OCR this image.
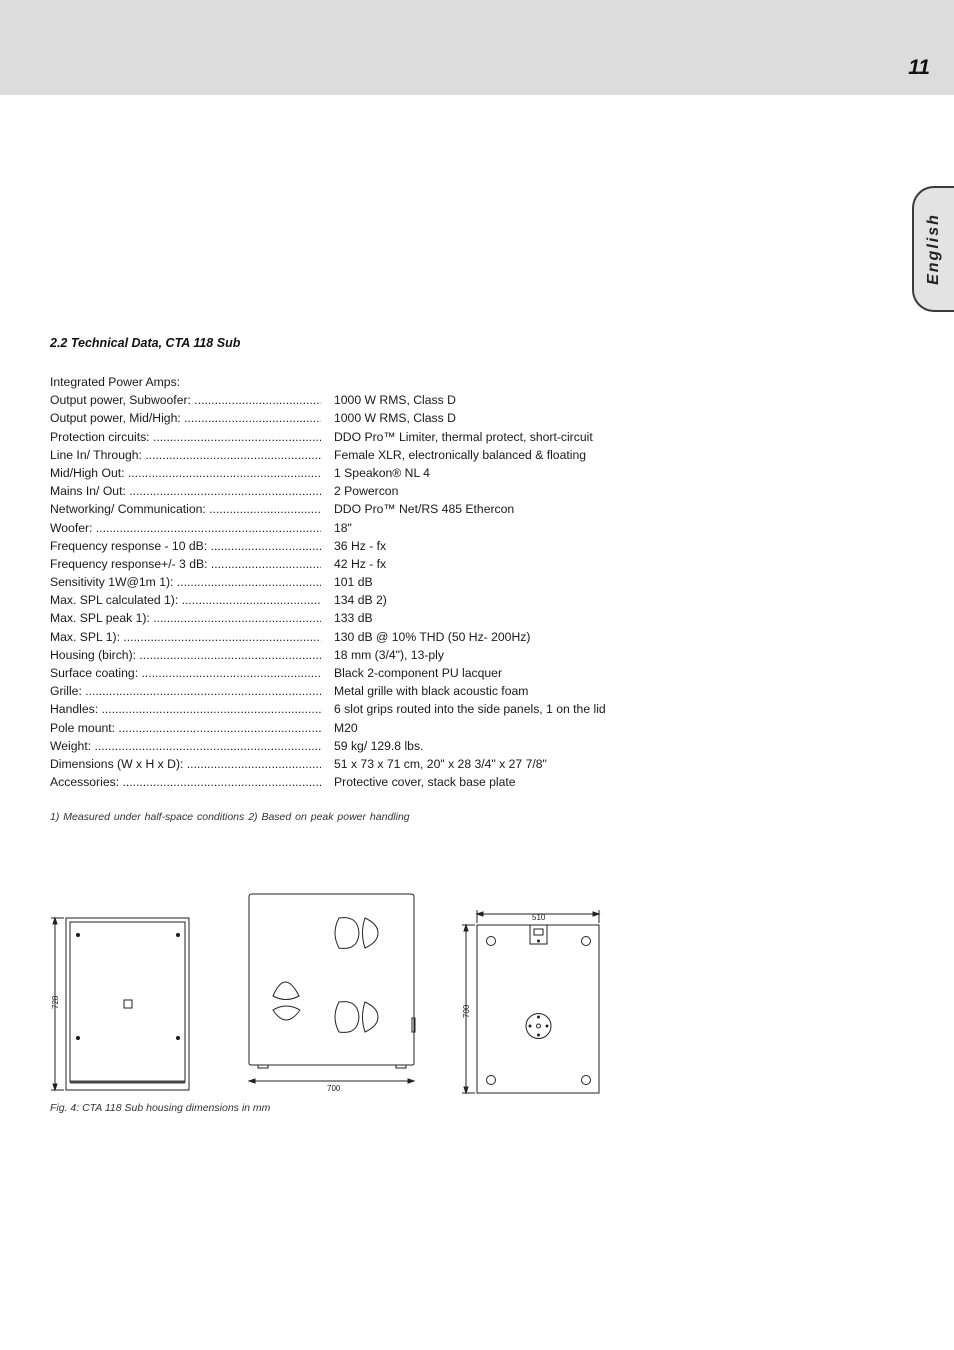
11
English
2.2 Technical Data, CTA 118 Sub
Integrated Power Amps:
Output power, Subwoofer: .....	1000 W RMS, Class D
Output power, Mid/High: .....	1000 W RMS, Class D
Protection circuits: .....	DDO Pro™ Limiter, thermal protect, short-circuit
Line In/ Through: .....	Female XLR, electronically balanced & floating
Mid/High Out: .....	1 Speakon® NL 4
Mains In/ Out: .....	2 Powercon
Networking/ Communication: .....	DDO Pro™ Net/RS 485 Ethercon
Woofer: .....	18"
Frequency response - 10 dB: .....	36 Hz - fx
Frequency response+/- 3 dB: .....	42 Hz - fx
Sensitivity 1W@1m 1): .....	101 dB
Max. SPL calculated 1): .....	134 dB 2)
Max. SPL peak 1): .....	133 dB
Max. SPL 1): .....	130 dB @ 10% THD (50 Hz- 200Hz)
Housing (birch): .....	18 mm (3/4"), 13-ply
Surface coating: .....	Black 2-component PU lacquer
Grille: .....	Metal grille with black acoustic foam
Handles: .....	6 slot grips routed into the side panels, 1 on the lid
Pole mount: .....	M20
Weight: .....	59 kg/ 129.8 lbs.
Dimensions (W x H x D): .....	51 x 73 x 71 cm, 20" x 28 3/4" x 27 7/8"
Accessories: .....	Protective cover, stack base plate
1) Measured under half-space conditions 2) Based on peak power handling
728
700
510
700
Fig. 4: CTA 118 Sub housing dimensions in mm
